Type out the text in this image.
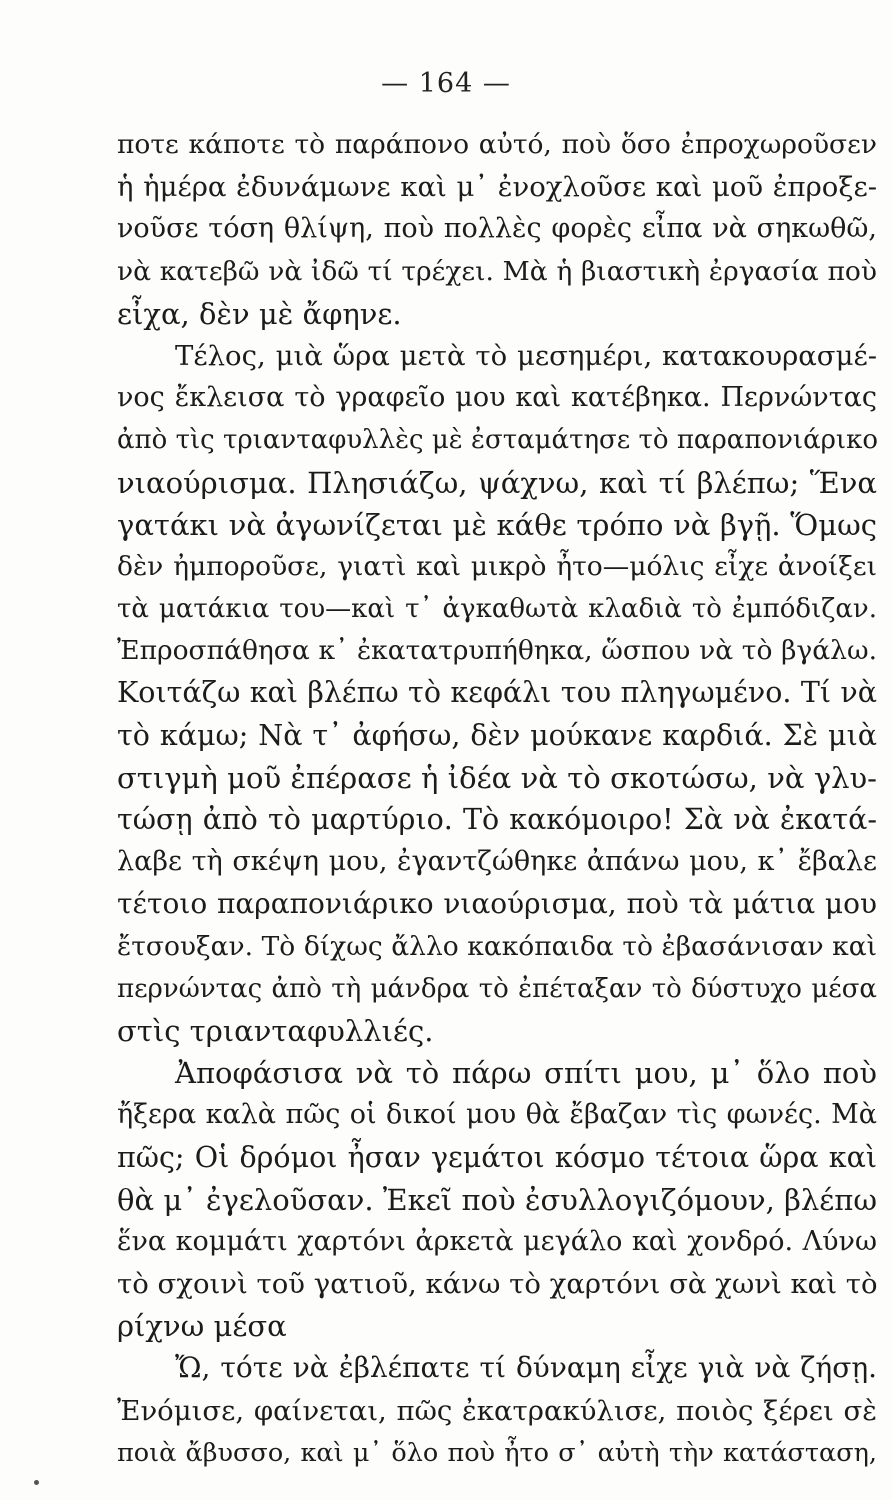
— 164 —
ποτε κάποτε τὸ παράπονο αὐτό, ποὺ ὅσο ἐπροχωροῦσεν
ἡ ἡμέρα ἐδυνάμωνε καὶ μ᾿ ἐνοχλοῦσε καὶ μοῦ ἐπροξε-
νοῦσε τόση θλίψη, ποὺ πολλὲς φορὲς εἶπα νὰ σηκωθῶ,
νὰ κατεβῶ νὰ ἰδῶ τί τρέχει. Μὰ ἡ βιαστικὴ ἐργασία ποὺ
εἶχα, δὲν μὲ ἄφηνε.
Τέλος, μιὰ ὥρα μετὰ τὸ μεσημέρι, κατακουρασμέ-
νος ἔκλεισα τὸ γραφεῖο μου καὶ κατέβηκα. Περνώντας
ἀπὸ τὶς τριανταφυλλὲς μὲ ἐσταμάτησε τὸ παραπονιάρικο
νιαούρισμα. Πλησιάζω, ψάχνω, καὶ τί βλέπω; Ἕνα
γατάκι νὰ ἀγωνίζεται μὲ κάθε τρόπο νὰ βγῇ. Ὅμως
δὲν ἠμποροῦσε, γιατὶ καὶ μικρὸ ἦτο—μόλις εἶχε ἀνοίξει
τὰ ματάκια του—καὶ τ᾿ ἀγκαθωτὰ κλαδιὰ τὸ ἐμπόδιζαν.
Ἐπροσπάθησα κ᾿ ἐκατατρυπήθηκα, ὥσπου νὰ τὸ βγάλω.
Κοιτάζω καὶ βλέπω τὸ κεφάλι του πληγωμένο. Τί νὰ
τὸ κάμω; Νὰ τ᾿ ἀφήσω, δὲν μούκανε καρδιά. Σὲ μιὰ
στιγμὴ μοῦ ἐπέρασε ἡ ἰδέα νὰ τὸ σκοτώσω, νὰ γλυ-
τώσῃ ἀπὸ τὸ μαρτύριο. Τὸ κακόμοιρο! Σὰ νὰ ἐκατά-
λαβε τὴ σκέψη μου, ἐγαντζώθηκε ἀπάνω μου, κ᾿ ἔβαλε
τέτοιο παραπονιάρικο νιαούρισμα, ποὺ τὰ μάτια μου
ἔτσουξαν. Τὸ δίχως ἄλλο κακόπαιδα τὸ ἐβασάνισαν καὶ
περνώντας ἀπὸ τὴ μάνδρα τὸ ἐπέταξαν τὸ δύστυχο μέσα
στὶς τριανταφυλλιές.
Ἀποφάσισα νὰ τὸ πάρω σπίτι μου, μ᾿ ὅλο ποὺ
ἤξερα καλὰ πῶς οἱ δικοί μου θὰ ἔβαζαν τὶς φωνές. Μὰ
πῶς; Οἱ δρόμοι ἦσαν γεμάτοι κόσμο τέτοια ὥρα καὶ
θὰ μ᾿ ἐγελοῦσαν. Ἐκεῖ ποὺ ἐσυλλογιζόμουν, βλέπω
ἕνα κομμάτι χαρτόνι ἀρκετὰ μεγάλο καὶ χονδρό. Λύνω
τὸ σχοινὶ τοῦ γατιοῦ, κάνω τὸ χαρτόνι σὰ χωνὶ καὶ τὸ
ρίχνω μέσα
Ὤ, τότε νὰ ἐβλέπατε τί δύναμη εἶχε γιὰ νὰ ζήσῃ.
Ἐνόμισε, φαίνεται, πῶς ἐκατρακύλισε, ποιὸς ξέρει σὲ
ποιὰ ἄβυσσο, καὶ μ᾿ ὅλο ποὺ ἦτο σ᾿ αὐτὴ τὴν κατάσταση,
